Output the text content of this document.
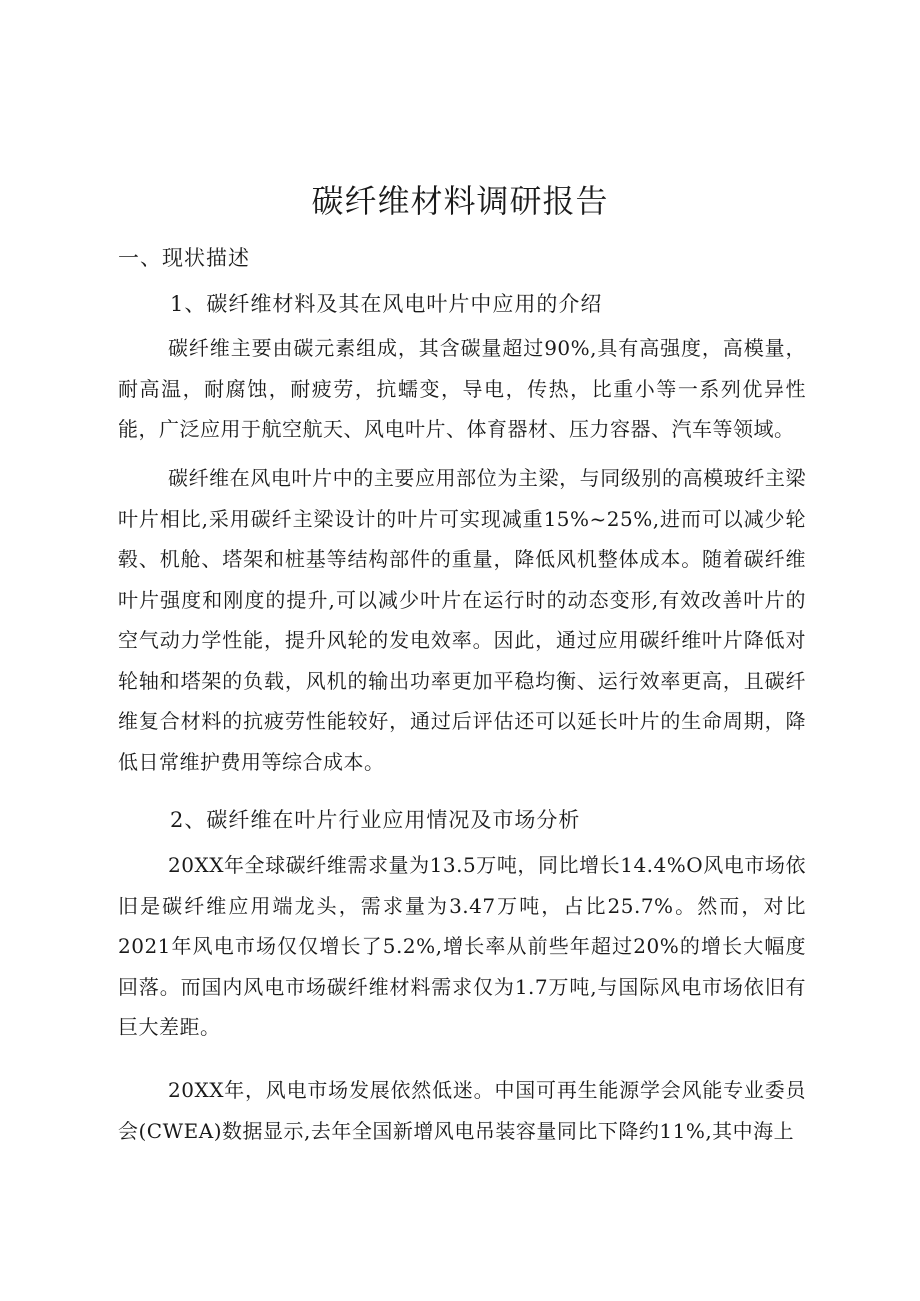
碳纤维材料调研报告
一、现状描述
1、碳纤维材料及其在风电叶片中应用的介绍

碳纤维主要由碳元素组成，其含碳量超过90%,具有高强度，高模量，耐高温，耐腐蚀，耐疲劳，抗蠕变，导电，传热，比重小等一系列优异性能，广泛应用于航空航天、风电叶片、体育器材、压力容器、汽车等领域。

碳纤维在风电叶片中的主要应用部位为主梁，与同级别的高模玻纤主梁叶片相比,采用碳纤主梁设计的叶片可实现减重15%~25%,进而可以减少轮毂、机舱、塔架和桩基等结构部件的重量，降低风机整体成本。随着碳纤维叶片强度和刚度的提升,可以减少叶片在运行时的动态变形,有效改善叶片的空气动力学性能，提升风轮的发电效率。因此，通过应用碳纤维叶片降低对轮轴和塔架的负载，风机的输出功率更加平稳均衡、运行效率更高，且碳纤维复合材料的抗疲劳性能较好，通过后评估还可以延长叶片的生命周期，降低日常维护费用等综合成本。

2、碳纤维在叶片行业应用情况及市场分析

20XX年全球碳纤维需求量为13.5万吨，同比增长14.4%O风电市场依旧是碳纤维应用端龙头，需求量为3.47万吨，占比25.7%。然而，对比2021年风电市场仅仅增长了5.2%,增长率从前些年超过20%的增长大幅度回落。而国内风电市场碳纤维材料需求仅为1.7万吨,与国际风电市场依旧有巨大差距。

20XX年，风电市场发展依然低迷。中国可再生能源学会风能专业委员会(CWEA)数据显示,去年全国新增风电吊装容量同比下降约11%,其中海上
